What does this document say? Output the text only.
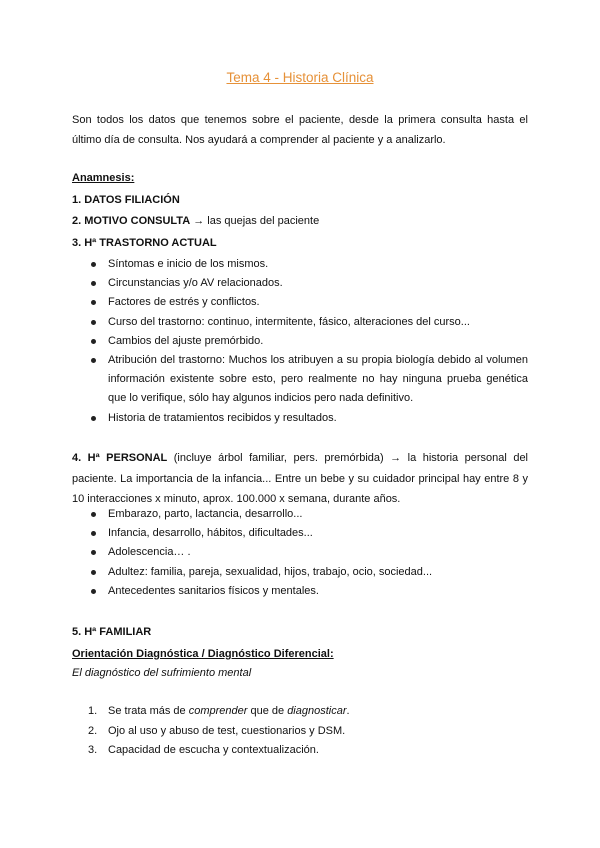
Tema 4 - Historia Clínica
Son todos los datos que tenemos sobre el paciente, desde la primera consulta hasta el último día de consulta. Nos ayudará a comprender al paciente y a analizarlo.
Anamnesis:
1. DATOS FILIACIÓN
2. MOTIVO CONSULTA → las quejas del paciente
3. Hª TRASTORNO ACTUAL
Síntomas e inicio de los mismos.
Circunstancias y/o AV relacionados.
Factores de estrés y conflictos.
Curso del trastorno: continuo, intermitente, fásico, alteraciones del curso...
Cambios del ajuste premórbido.
Atribución del trastorno: Muchos los atribuyen a su propia biología debido al volumen información existente sobre esto, pero realmente no hay ninguna prueba genética que lo verifique, sólo hay algunos indicios pero nada definitivo.
Historia de tratamientos recibidos y resultados.
4. Hª PERSONAL (incluye árbol familiar, pers. premórbida) → la historia personal del paciente. La importancia de la infancia... Entre un bebe y su cuidador principal hay entre 8 y 10 interacciones x minuto, aprox. 100.000 x semana, durante años.
Embarazo, parto, lactancia, desarrollo...
Infancia, desarrollo, hábitos, dificultades...
Adolescencia… .
Adultez: familia, pareja, sexualidad, hijos, trabajo, ocio, sociedad...
Antecedentes sanitarios físicos y mentales.
5. Hª FAMILIAR
Orientación Diagnóstica / Diagnóstico Diferencial:
El diagnóstico del sufrimiento mental
1. Se trata más de comprender que de diagnosticar.
2. Ojo al uso y abuso de test, cuestionarios y DSM.
3. Capacidad de escucha y contextualización.
